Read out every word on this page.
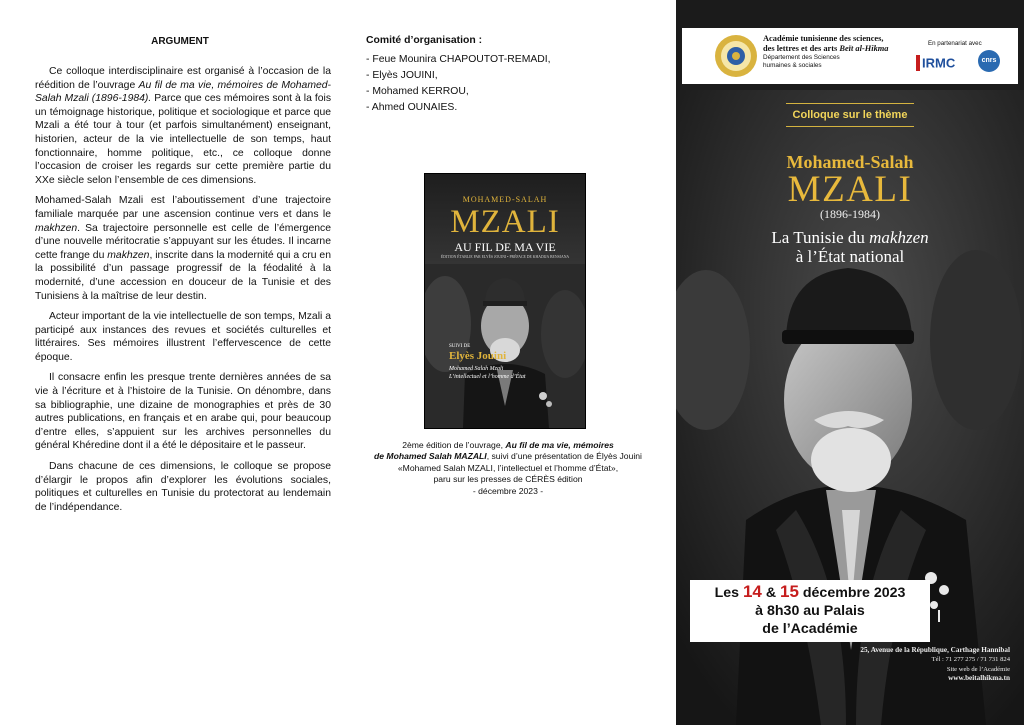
ARGUMENT

Ce colloque interdisciplinaire est organisé à l’occasion de la réédition de l’ouvrage Au fil de ma vie, mémoires de Mohamed-Salah Mzali (1896-1984). Parce que ces mémoires sont à la fois un témoignage historique, politique et sociologique et parce que Mzali a été tour à tour (et parfois simultanément) enseignant, historien, acteur de la vie intellectuelle de son temps, haut fonctionnaire, homme politique, etc., ce colloque donne l’occasion de croiser les regards sur cette première partie du XXe siècle selon l’ensemble de ces dimensions.

Mohamed-Salah Mzali est l’aboutissement d’une trajectoire familiale marquée par une ascension continue vers et dans le makhzen. Sa trajectoire personnelle est celle de l’émergence d’une nouvelle méritocratie s’appuyant sur les études. Il incarne cette frange du makhzen, inscrite dans la modernité qui a cru en la possibilité d’un passage progressif de la féodalité à la modernité, d’une accession en douceur de la Tunisie et des Tunisiens à la maîtrise de leur destin.

Acteur important de la vie intellectuelle de son temps, Mzali a participé aux instances des revues et sociétés culturelles et littéraires. Ses mémoires illustrent l’effervescence de cette époque.

Il consacre enfin les presque trente dernières années de sa vie à l’écriture et à l’histoire de la Tunisie. On dénombre, dans sa bibliographie, une dizaine de monographies et près de 30 autres publications, en français et en arabe qui, pour beaucoup d’entre elles, s’appuient sur les archives personnelles du général Khéredine dont il a été le dépositaire et le passeur.

Dans chacune de ces dimensions, le colloque se propose d’élargir le propos afin d’explorer les évolutions sociales, politiques et culturelles en Tunisie du protectorat au lendemain de l’indépendance.

Comité d’organisation :
- Feue Mounira CHAPOUTOT-REMADI,
- Elyès JOUINI,
- Mohamed KERROU,
- Ahmed OUNAIES.
MOHAMED-SALAH
MZALI
AU FIL DE MA VIE
ÉDITION ÉTABLIE PAR ELYÈS JOUINI • PRÉFACE DE KHADIJA BENSIANA
SUIVI DE
Elyès Jouini
Mohamed Salah Mzali L’intellectuel et l’homme d’État
2ème édition de l’ouvrage, Au fil de ma vie, mémoires
de Mohamed Salah MAZALI, suivi d’une présentation de Élyès Jouini
«Mohamed Salah MZALI, l’intellectuel et l’homme d’État»,
paru sur les presses de CÉRÈS édition
- décembre 2023 -
Académie tunisienne des sciences,
des lettres et des arts Beït al-Hikma
Département des Sciences
humaines & sociales
En partenariat avec
IRMC	cnrs
Colloque sur le thème
Mohamed-Salah
MZALI
(1896-1984)
La Tunisie du makhzen
à l’État national
Les 14 & 15 décembre 2023
à 8h30 au Palais
de l’Académie
25, Avenue de la République, Carthage Hannibal
Tél : 71 277 275 / 71 731 824
Site web de l’Académie
www.beitalhikma.tn
